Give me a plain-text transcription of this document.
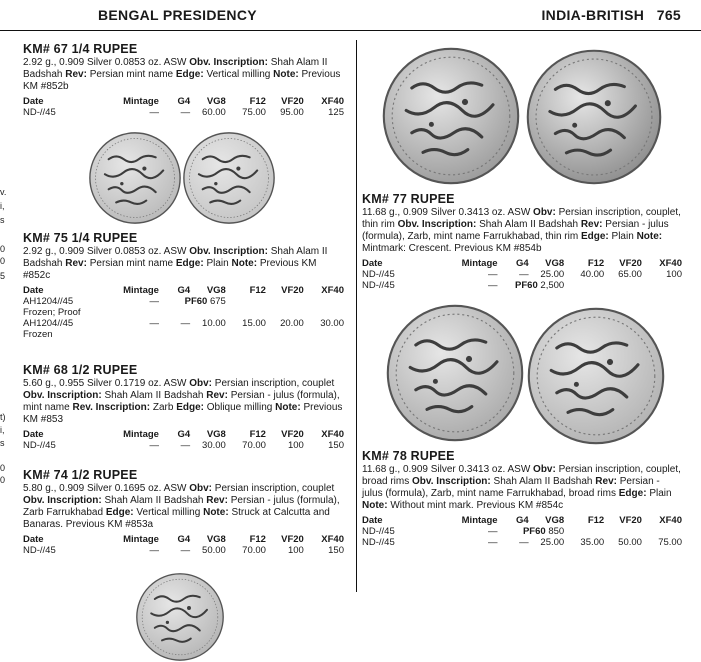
BENGAL PRESIDENCY	INDIA-BRITISH 765
v.
i,
s
0
0
5
t)
i,
s
0
0
KM# 67 1/4 RUPEE
2.92 g., 0.909 Silver 0.0853 oz. ASW Obv. Inscription: Shah Alam II Badshah Rev: Persian mint name Edge: Vertical milling Note: Previous KM #852b
Date	Mintage	G4	VG8	F12	VF20	XF40
ND-//45	—	—	60.00	75.00	95.00	125
KM# 75 1/4 RUPEE
2.92 g., 0.909 Silver 0.0853 oz. ASW Obv. Inscription: Shah Alam II Badshah Rev: Persian mint name Edge: Plain Note: Previous KM #852c
Date	Mintage	G4	VG8	F12	VF20	XF40
AH1204//45	—	PF60 675				
Frozen; Proof						
AH1204//45	—	—	10.00	15.00	20.00	30.00
Frozen						
KM# 68 1/2 RUPEE
5.60 g., 0.955 Silver 0.1719 oz. ASW Obv: Persian inscription, couplet Obv. Inscription: Shah Alam II Badshah Rev: Persian - julus (formula), mint name Rev. Inscription: Zarb Edge: Oblique milling Note: Previous KM #853
Date	Mintage	G4	VG8	F12	VF20	XF40
ND-//45	—	—	30.00	70.00	100	150
KM# 74 1/2 RUPEE
5.80 g., 0.909 Silver 0.1695 oz. ASW Obv: Persian inscription, couplet Obv. Inscription: Shah Alam II Badshah Rev: Persian - julus (formula), Zarb Farrukhabad Edge: Vertical milling Note: Struck at Calcutta and Banaras. Previous KM #853a
Date	Mintage	G4	VG8	F12	VF20	XF40
ND-//45	—	—	50.00	70.00	100	150
KM# 77 RUPEE
11.68 g., 0.909 Silver 0.3413 oz. ASW Obv: Persian inscription, couplet, thin rim Obv. Inscription: Shah Alam II Badshah Rev: Persian - julus (formula), Zarb, mint name Farrukhabad, thin rim Edge: Plain Note: Mintmark: Crescent. Previous KM #854b
Date	Mintage	G4	VG8	F12	VF20	XF40
ND-//45	—	—	25.00	40.00	65.00	100
ND-//45	—	PF60 2,500				
KM# 78 RUPEE
11.68 g., 0.909 Silver 0.3413 oz. ASW Obv: Persian inscription, couplet, broad rims Obv. Inscription: Shah Alam II Badshah Rev: Persian - julus (formula), Zarb, mint name Farrukhabad, broad rims Edge: Plain Note: Without mint mark. Previous KM #854c
Date	Mintage	G4	VG8	F12	VF20	XF40
ND-//45	—	PF60 850				
ND-//45	—	—	25.00	35.00	50.00	75.00
